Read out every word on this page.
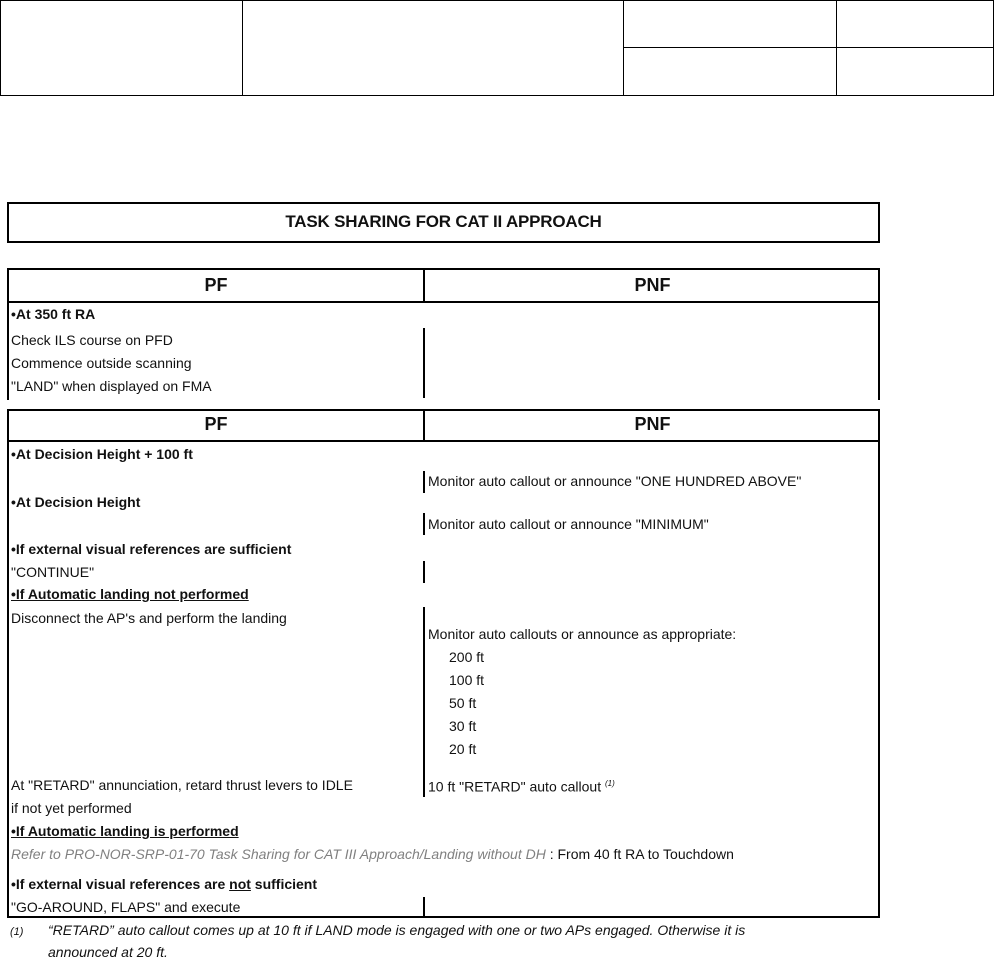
TASK SHARING FOR CAT II APPROACH
PF	PNF
•At 350 ft RA
Check ILS course on PFD
Commence outside scanning
ʺLANDʺ when displayed on FMA
PF	PNF
•At Decision Height + 100 ft
Monitor auto callout or announce ʺONE HUNDRED ABOVEʺ
•At Decision Height
Monitor auto callout or announce ʺMINIMUMʺ
•If external visual references are sufficient
ʺCONTINUEʺ
•If Automatic landing not performed
Disconnect the AP's and perform the landing
Monitor auto callouts or announce as appropriate:
200 ft
100 ft
50 ft
30 ft
20 ft
At ʺRETARDʺ annunciation, retard thrust levers to IDLE
if not yet performed
10 ft ʺRETARDʺ auto callout $^{(1)}$
•If Automatic landing is performed
Refer to PRO-NOR-SRP-01-70 Task Sharing for CAT III Approach/Landing without DH : From 40 ft RA to Touchdown
•If external visual references are not sufficient
ʺGO-AROUND, FLAPSʺ and execute
(1) “RETARD” auto callout comes up at 10 ft if LAND mode is engaged with one or two APs engaged. Otherwise it is
announced at 20 ft.
